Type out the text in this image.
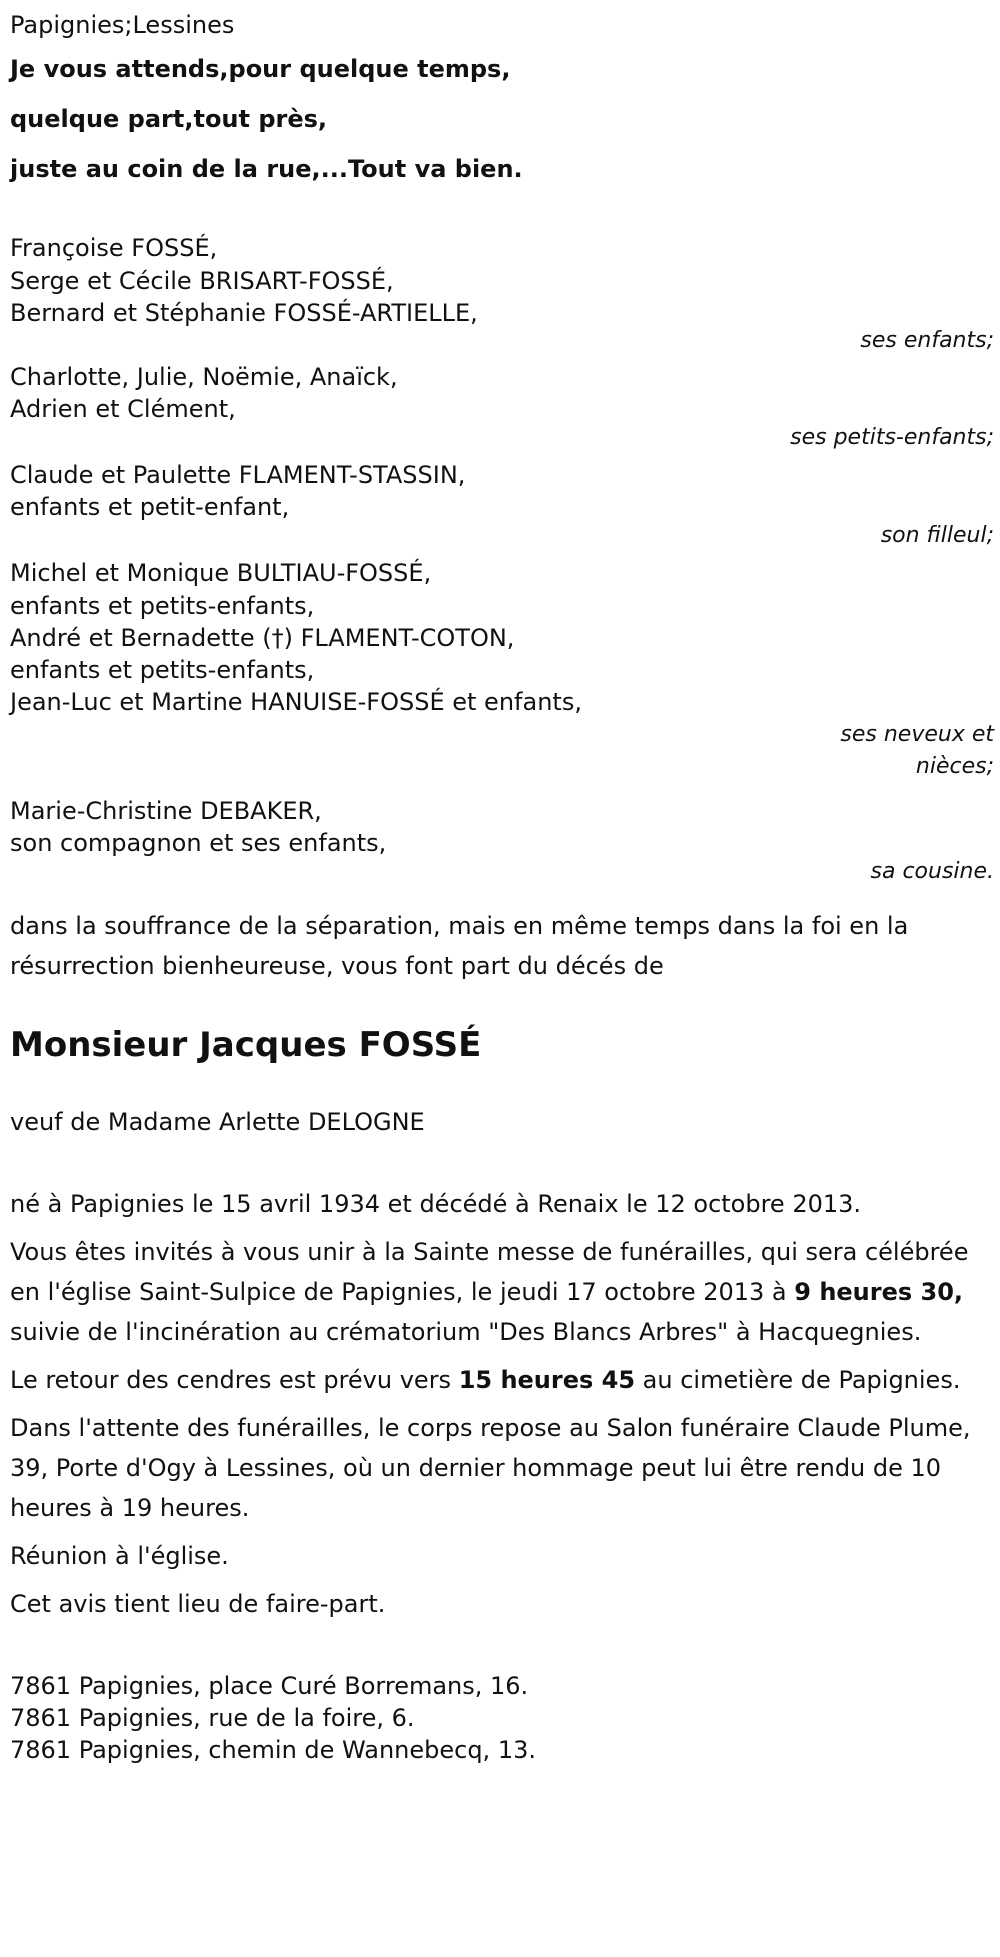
Papignies;Lessines
Je vous attends,pour quelque temps,
quelque part,tout près,
juste au coin de la rue,...Tout va bien.
Françoise FOSSÉ,
Serge et Cécile BRISART-FOSSÉ,
Bernard et Stéphanie FOSSÉ-ARTIELLE,
ses enfants;
Charlotte, Julie, Noëmie, Anaïck,
Adrien et Clément,
ses petits-enfants;
Claude et Paulette FLAMENT-STASSIN,
enfants et petit-enfant,
son filleul;
Michel et Monique BULTIAU-FOSSÉ,
enfants et petits-enfants,
André et Bernadette (†) FLAMENT-COTON,
enfants et petits-enfants,
Jean-Luc et Martine HANUISE-FOSSÉ et enfants,
ses neveux et
nièces;
Marie-Christine DEBAKER,
son compagnon et ses enfants,
sa cousine.
dans la souffrance de la séparation, mais en même temps dans la foi en la résurrection bienheureuse, vous font part du décés de
Monsieur Jacques FOSSÉ
veuf de Madame Arlette DELOGNE
né à Papignies le 15 avril 1934 et décédé à Renaix le 12 octobre 2013.
Vous êtes invités à vous unir à la Sainte messe de funérailles, qui sera célébrée en l'église Saint-Sulpice de Papignies, le jeudi 17 octobre 2013 à 9 heures 30, suivie de l'incinération au crématorium "Des Blancs Arbres" à Hacquegnies.
Le retour des cendres est prévu vers 15 heures 45 au cimetière de Papignies.
Dans l'attente des funérailles, le corps repose au Salon funéraire Claude Plume, 39, Porte d'Ogy à Lessines, où un dernier hommage peut lui être rendu de 10 heures à 19 heures.
Réunion à l'église.
Cet avis tient lieu de faire-part.
7861 Papignies, place Curé Borremans, 16.
7861 Papignies, rue de la foire, 6.
7861 Papignies, chemin de Wannebecq, 13.
